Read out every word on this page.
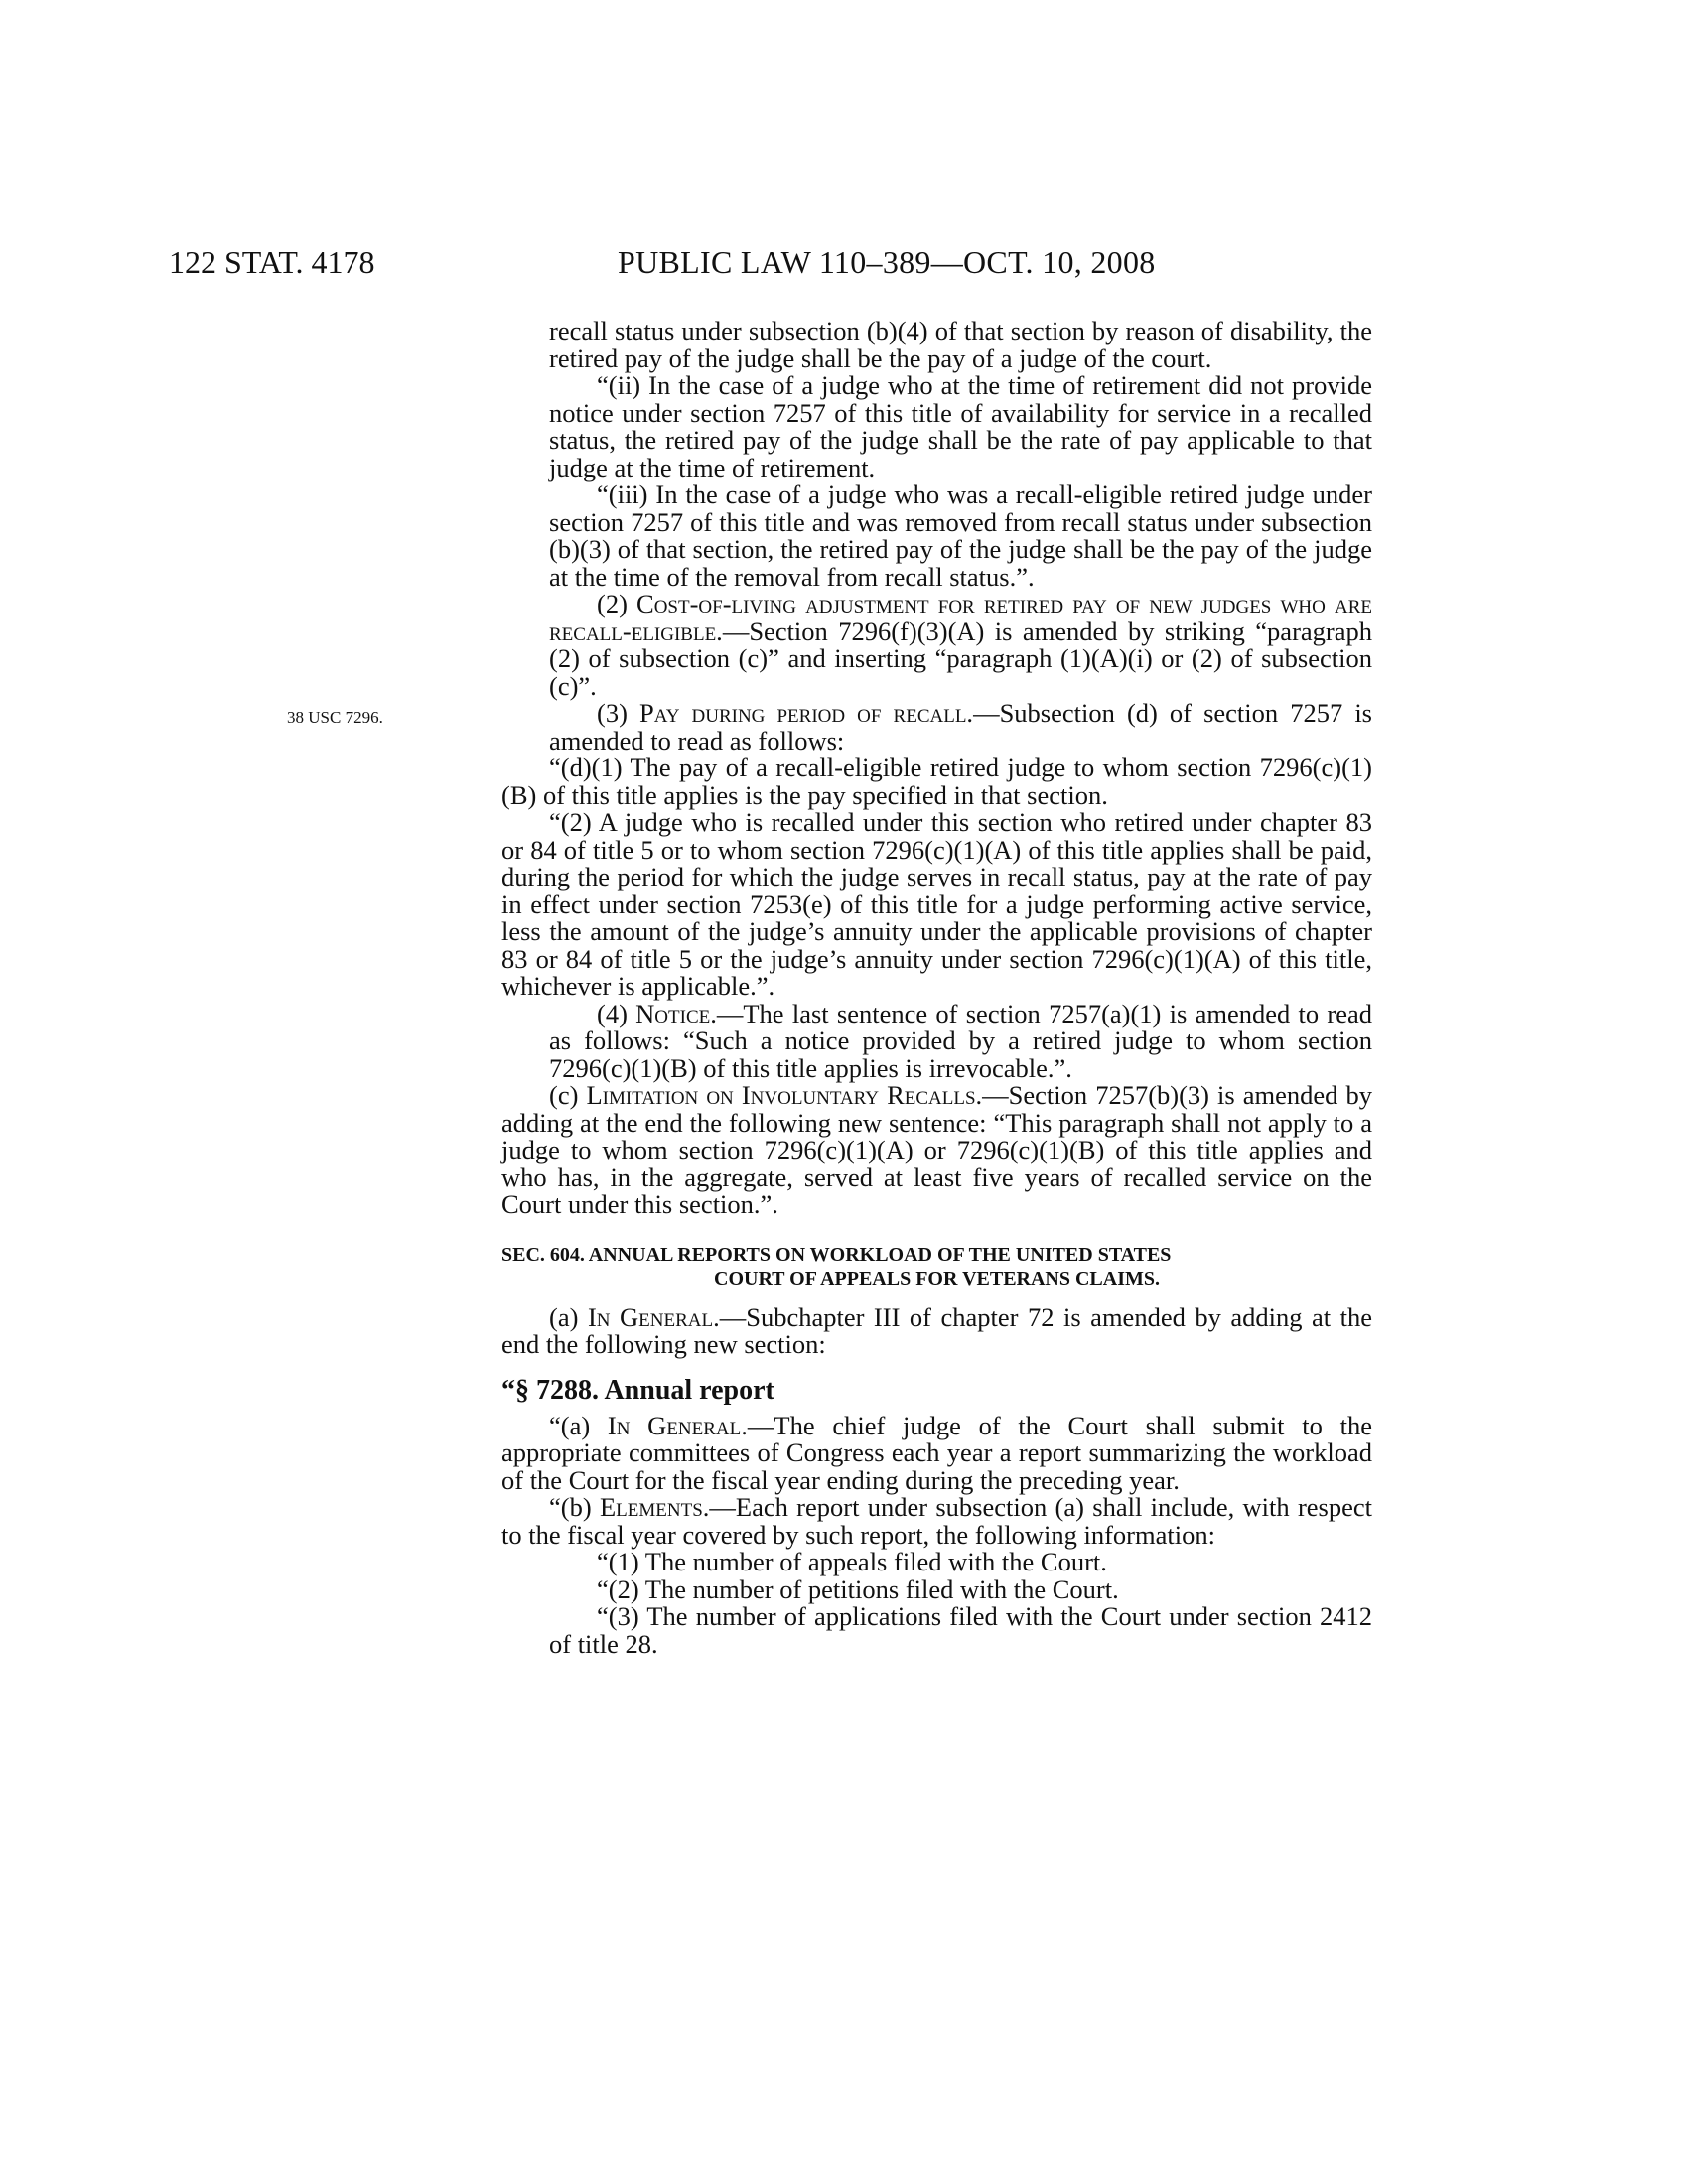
122 STAT. 4178	PUBLIC LAW 110–389—OCT. 10, 2008
38 USC 7296.

recall status under subsection (b)(4) of that section by reason of disability, the retired pay of the judge shall be the pay of a judge of the court.

“(ii) In the case of a judge who at the time of retirement did not provide notice under section 7257 of this title of availability for service in a recalled status, the retired pay of the judge shall be the rate of pay applicable to that judge at the time of retirement.

“(iii) In the case of a judge who was a recall-eligible retired judge under section 7257 of this title and was removed from recall status under subsection (b)(3) of that section, the retired pay of the judge shall be the pay of the judge at the time of the removal from recall status.”.

(2) Cost-of-living adjustment for retired pay of new judges who are recall-eligible.—Section 7296(f)(3)(A) is amended by striking “paragraph (2) of subsection (c)” and inserting “paragraph (1)(A)(i) or (2) of subsection (c)”.

(3) Pay during period of recall.—Subsection (d) of section 7257 is amended to read as follows:

“(d)(1) The pay of a recall-eligible retired judge to whom section 7296(c)(1)(B) of this title applies is the pay specified in that section.

“(2) A judge who is recalled under this section who retired under chapter 83 or 84 of title 5 or to whom section 7296(c)(1)(A) of this title applies shall be paid, during the period for which the judge serves in recall status, pay at the rate of pay in effect under section 7253(e) of this title for a judge performing active service, less the amount of the judge’s annuity under the applicable provisions of chapter 83 or 84 of title 5 or the judge’s annuity under section 7296(c)(1)(A) of this title, whichever is applicable.”.

(4) Notice.—The last sentence of section 7257(a)(1) is amended to read as follows: “Such a notice provided by a retired judge to whom section 7296(c)(1)(B) of this title applies is irrevocable.”.

(c) Limitation on Involuntary Recalls.—Section 7257(b)(3) is amended by adding at the end the following new sentence: “This paragraph shall not apply to a judge to whom section 7296(c)(1)(A) or 7296(c)(1)(B) of this title applies and who has, in the aggregate, served at least five years of recalled service on the Court under this section.”.

SEC. 604. ANNUAL REPORTS ON WORKLOAD OF THE UNITED STATES
COURT OF APPEALS FOR VETERANS CLAIMS.

(a) In General.—Subchapter III of chapter 72 is amended by adding at the end the following new section:

“§ 7288. Annual report

“(a) In General.—The chief judge of the Court shall submit to the appropriate committees of Congress each year a report summarizing the workload of the Court for the fiscal year ending during the preceding year.

“(b) Elements.—Each report under subsection (a) shall include, with respect to the fiscal year covered by such report, the following information:

“(1) The number of appeals filed with the Court.

“(2) The number of petitions filed with the Court.

“(3) The number of applications filed with the Court under section 2412 of title 28.
